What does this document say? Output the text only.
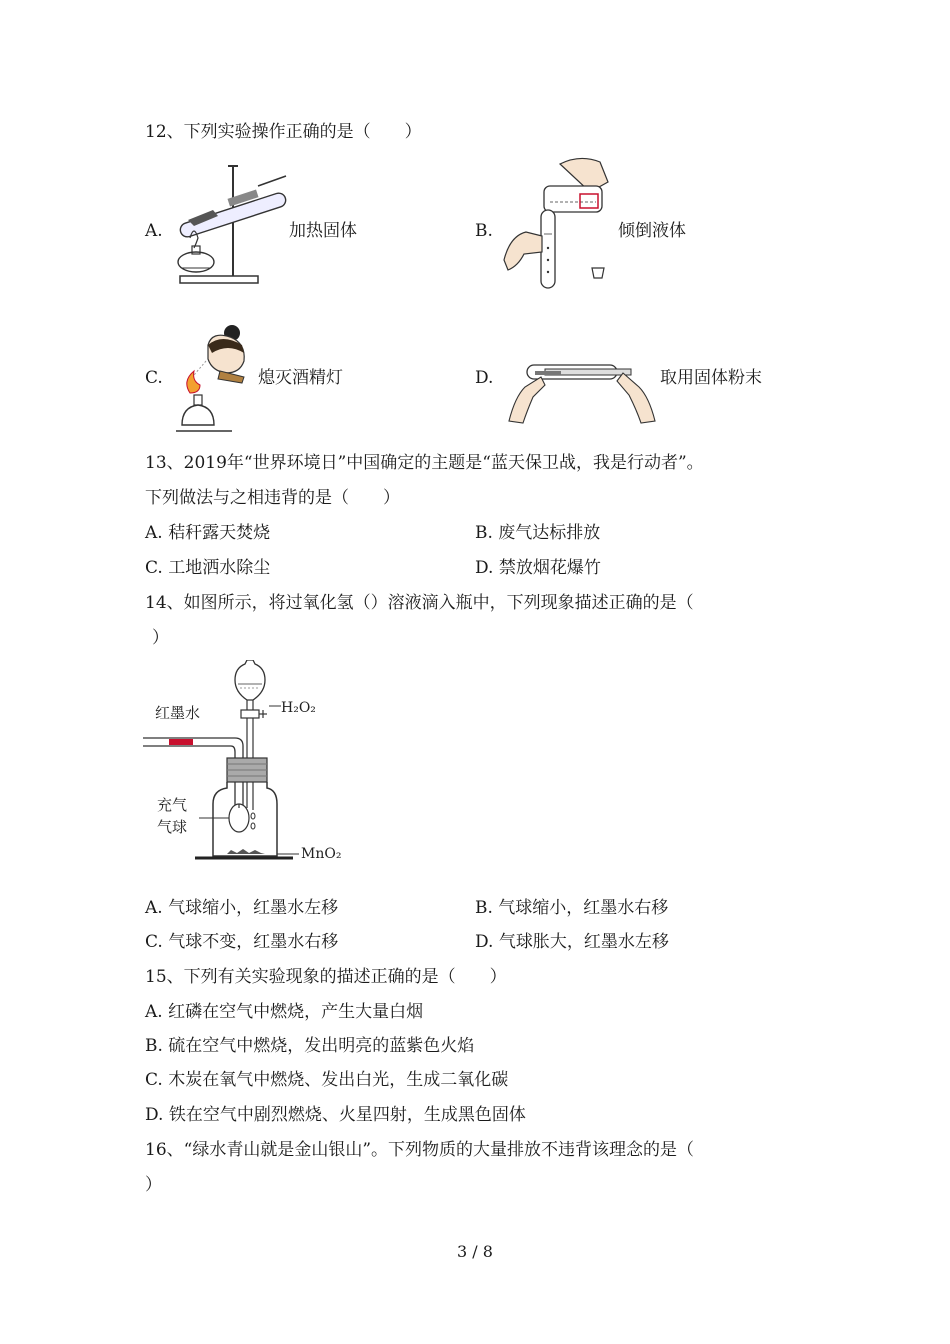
12、下列实验操作正确的是（　　）
A.	加热固体	B.	倾倒液体
C.	熄灭酒精灯	D.	取用固体粉末
13、2019年“世界环境日”中国确定的主题是“蓝天保卫战，我是行动者”。
下列做法与之相违背的是（　　）
A. 秸秆露天焚烧	B. 废气达标排放
C. 工地洒水除尘	D. 禁放烟花爆竹
14、如图所示，将过氧化氢（）溶液滴入瓶中，下列现象描述正确的是（
）
红墨水
充气
气球
H₂O₂
MnO₂
A. 气球缩小，红墨水左移	B. 气球缩小，红墨水右移
C. 气球不变，红墨水右移	D. 气球胀大，红墨水左移
15、下列有关实验现象的描述正确的是（　　）
A. 红磷在空气中燃烧，产生大量白烟
B. 硫在空气中燃烧，发出明亮的蓝紫色火焰
C. 木炭在氧气中燃烧、发出白光，生成二氧化碳
D. 铁在空气中剧烈燃烧、火星四射，生成黑色固体
16、“绿水青山就是金山银山”。下列物质的大量排放不违背该理念的是（
）
3 / 8
